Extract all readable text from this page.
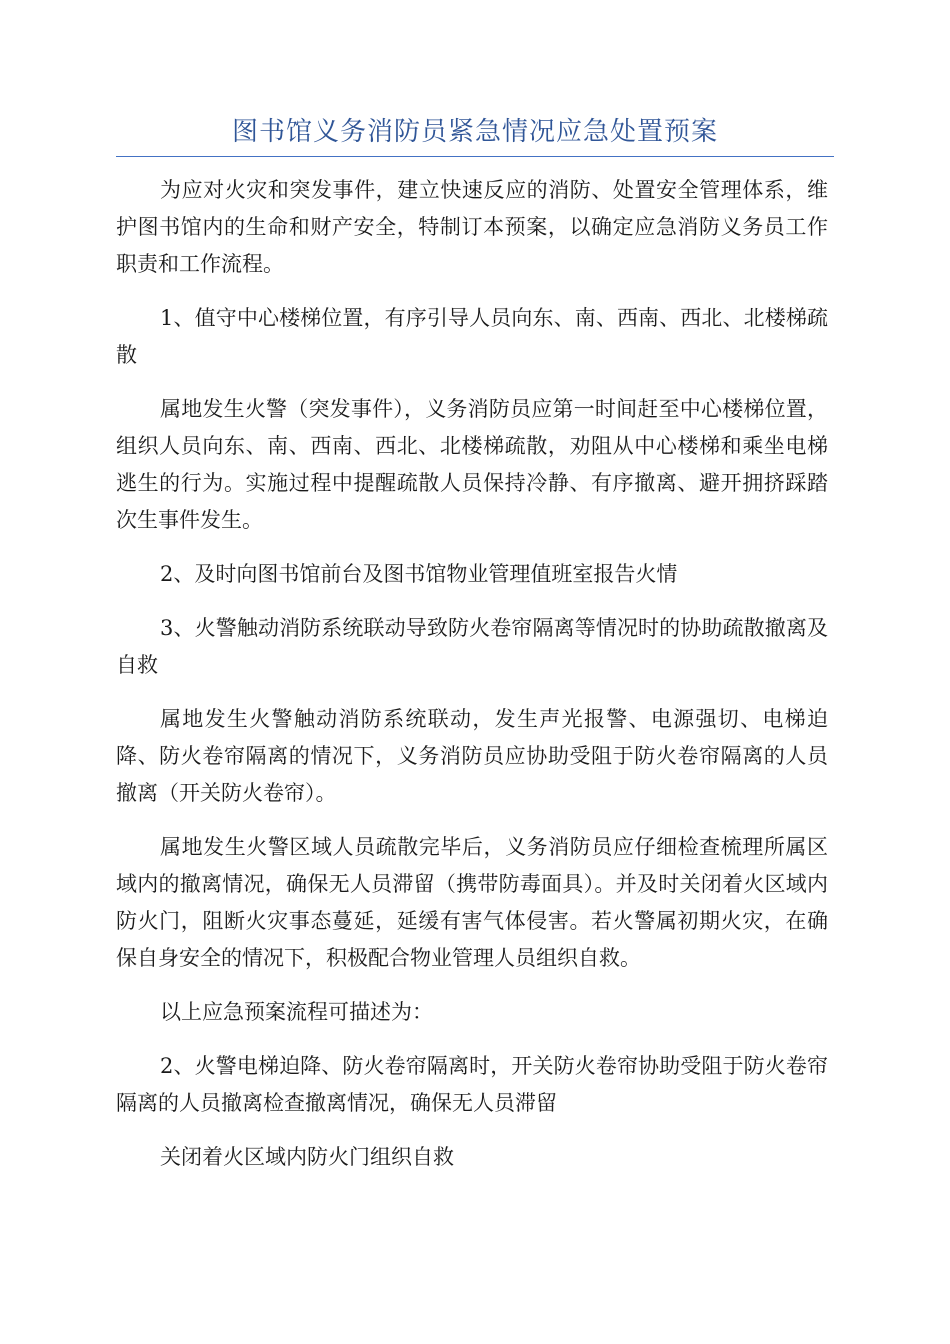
图书馆义务消防员紧急情况应急处置预案

为应对火灾和突发事件，建立快速反应的消防、处置安全管理体系，维护图书馆内的生命和财产安全，特制订本预案，以确定应急消防义务员工作职责和工作流程。

1、值守中心楼梯位置，有序引导人员向东、南、西南、西北、北楼梯疏散

属地发生火警（突发事件），义务消防员应第一时间赶至中心楼梯位置，组织人员向东、南、西南、西北、北楼梯疏散，劝阻从中心楼梯和乘坐电梯逃生的行为。实施过程中提醒疏散人员保持冷静、有序撤离、避开拥挤踩踏次生事件发生。

2、及时向图书馆前台及图书馆物业管理值班室报告火情

3、火警触动消防系统联动导致防火卷帘隔离等情况时的协助疏散撤离及自救

属地发生火警触动消防系统联动，发生声光报警、电源强切、电梯迫降、防火卷帘隔离的情况下，义务消防员应协助受阻于防火卷帘隔离的人员撤离（开关防火卷帘）。

属地发生火警区域人员疏散完毕后，义务消防员应仔细检查梳理所属区域内的撤离情况，确保无人员滞留（携带防毒面具）。并及时关闭着火区域内防火门，阻断火灾事态蔓延，延缓有害气体侵害。若火警属初期火灾，在确保自身安全的情况下，积极配合物业管理人员组织自救。

以上应急预案流程可描述为：

2、火警电梯迫降、防火卷帘隔离时，开关防火卷帘协助受阻于防火卷帘隔离的人员撤离检查撤离情况，确保无人员滞留

关闭着火区域内防火门组织自救
